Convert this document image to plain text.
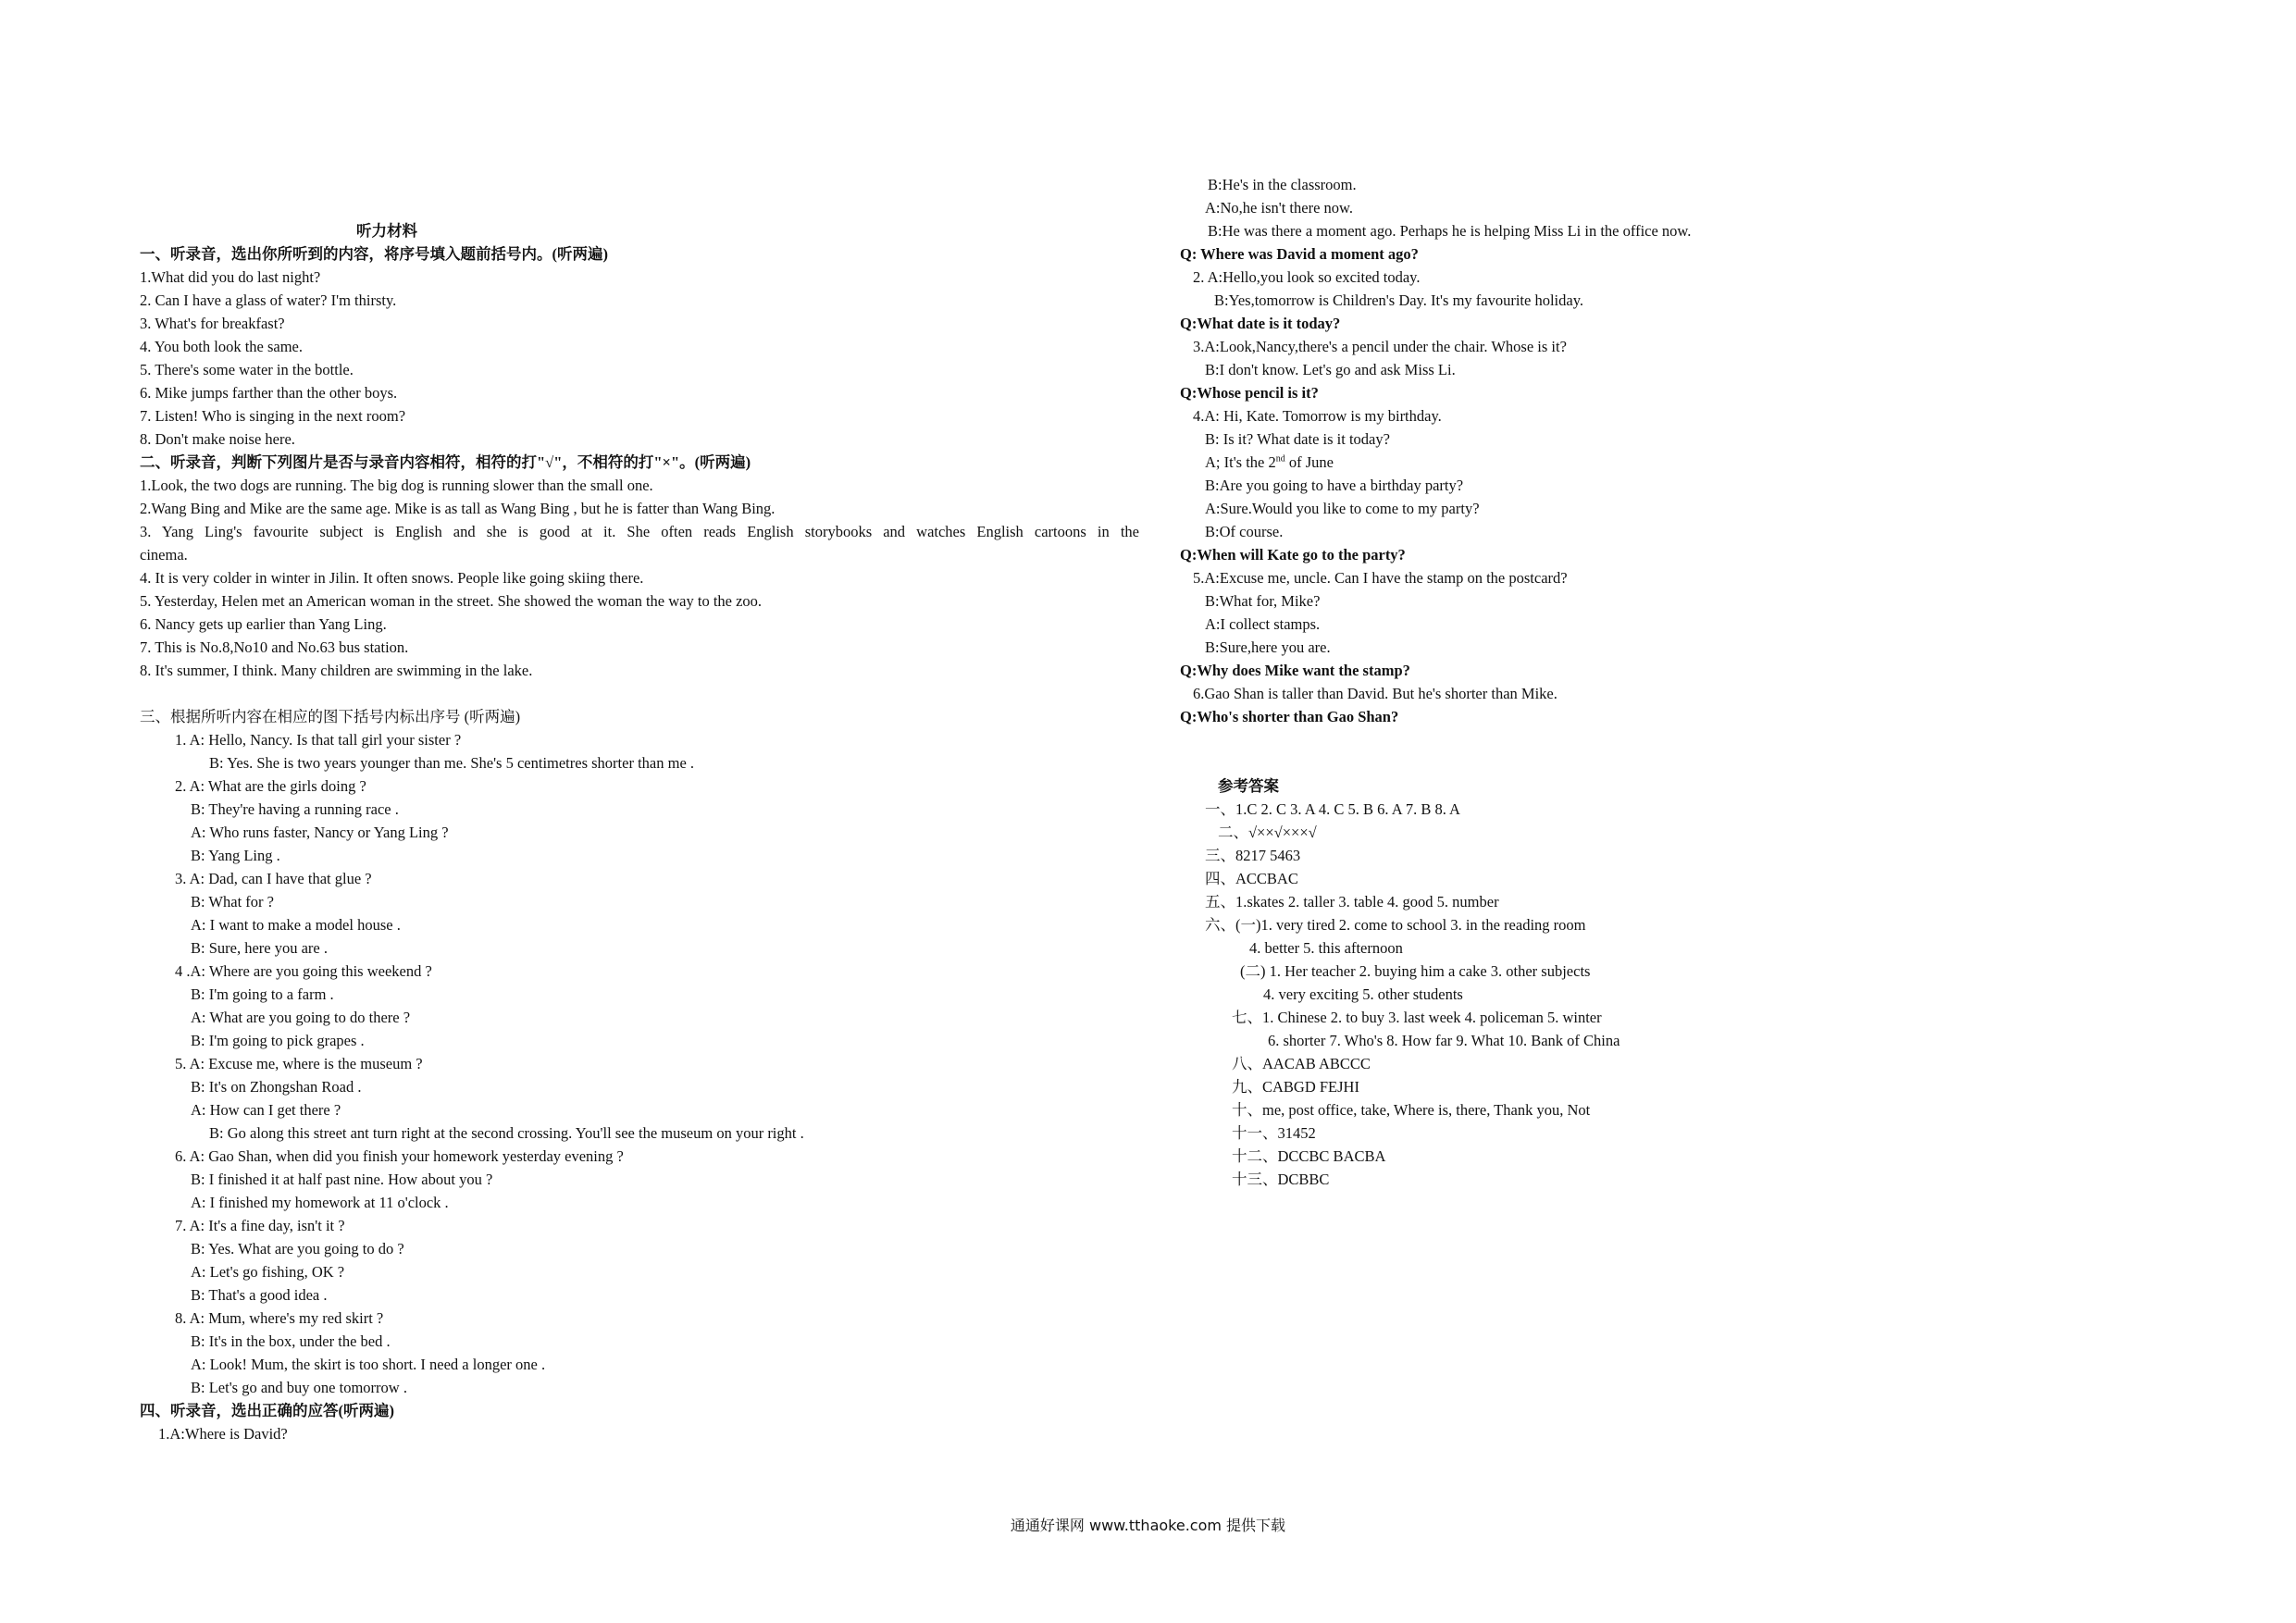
听力材料
一、听录音，选出你所听到的内容，将序号填入题前括号内。(听两遍)
1.What did you do last night?
2. Can I have a glass of water? I'm thirsty.
3. What's for breakfast?
4. You both look the same.
5. There's some water in the bottle.
6. Mike jumps farther than the other boys.
7. Listen! Who is singing in the next room?
8. Don't make noise here.
二、听录音，判断下列图片是否与录音内容相符，相符的打"√"，不相符的打"×"。(听两遍)
1.Look, the two dogs are running. The big dog is running slower than the small one.
2.Wang Bing and Mike are the same age. Mike is as tall as Wang Bing , but he is fatter than Wang Bing.
3. Yang Ling's favourite subject is English and she is good at it. She often reads English storybooks and watches English cartoons in the
cinema.
4. It is very colder in winter in Jilin. It often snows. People like going skiing there.
5. Yesterday, Helen met an American woman in the street. She showed the woman the way to the zoo.
6. Nancy gets up earlier than Yang Ling.
7. This is No.8,No10 and No.63 bus station.
8. It's summer, I think. Many children are swimming in the lake.
三、根据所听内容在相应的图下括号内标出序号 (听两遍)
1. A: Hello, Nancy. Is that tall girl your sister ?
B: Yes. She is two years younger than me. She's 5 centimetres shorter than me .
2. A: What are the girls doing ?
B: They're having a running race .
A: Who runs faster, Nancy or Yang Ling ?
B: Yang Ling .
3. A: Dad, can I have that glue ?
B: What for ?
A: I want to make a model house .
B: Sure, here you are .
4 .A: Where are you going this weekend ?
B: I'm going to a farm .
A: What are you going to do there ?
B: I'm going to pick grapes .
5. A: Excuse me, where is the museum ?
B: It's on Zhongshan Road .
A: How can I get there ?
B: Go along this street ant turn right at the second crossing. You'll see the museum on your right .
6. A: Gao Shan, when did you finish your homework yesterday evening ?
B: I finished it at half past nine. How about you ?
A: I finished my homework at 11 o'clock .
7. A: It's a fine day, isn't it ?
B: Yes. What are you going to do ?
A: Let's go fishing, OK ?
B: That's a good idea .
8. A: Mum, where's my red skirt ?
B: It's in the box, under the bed .
A: Look! Mum, the skirt is too short. I need a longer one .
B: Let's go and buy one tomorrow .
四、听录音，选出正确的应答(听两遍)
1.A:Where is David?
B:He's in the classroom.
A:No,he isn't there now.
B:He was there a moment ago. Perhaps he is helping Miss Li in the office now.
Q: Where was David a moment ago?
2. A:Hello,you look so excited today.
B:Yes,tomorrow is Children's Day. It's my favourite holiday.
Q:What date is it today?
3.A:Look,Nancy,there's a pencil under the chair. Whose is it?
B:I don't know. Let's go and ask Miss Li.
Q:Whose pencil is it?
4.A: Hi, Kate. Tomorrow is my birthday.
B: Is it? What date is it today?
A; It's the 2nd of June
B:Are you going to have a birthday party?
A:Sure.Would you like to come to my party?
B:Of course.
Q:When will Kate go to the party?
5.A:Excuse me, uncle. Can I have the stamp on the postcard?
B:What for, Mike?
A:I collect stamps.
B:Sure,here you are.
Q:Why does Mike want the stamp?
6.Gao Shan is taller than David. But he's shorter than Mike.
Q:Who's shorter than Gao Shan?
参考答案
一、1.C 2. C 3. A 4. C 5. B 6. A 7. B 8. A
二、√××√×××√
三、8217 5463
四、ACCBAC
五、1.skates 2. taller 3. table 4. good 5. number
六、(一)1. very tired 2. come to school 3. in the reading room
4. better 5. this afternoon
(二) 1. Her teacher 2. buying him a cake 3. other subjects
4. very exciting 5. other students
七、1. Chinese 2. to buy 3. last week 4. policeman 5. winter
6. shorter 7. Who's 8. How far 9. What 10. Bank of China
八、AACAB ABCCC
九、CABGD FEJHI
十、me, post office, take, Where is, there, Thank you, Not
十一、31452
十二、DCCBC BACBA
十三、DCBBC
通通好课网 www.tthaoke.com 提供下载
